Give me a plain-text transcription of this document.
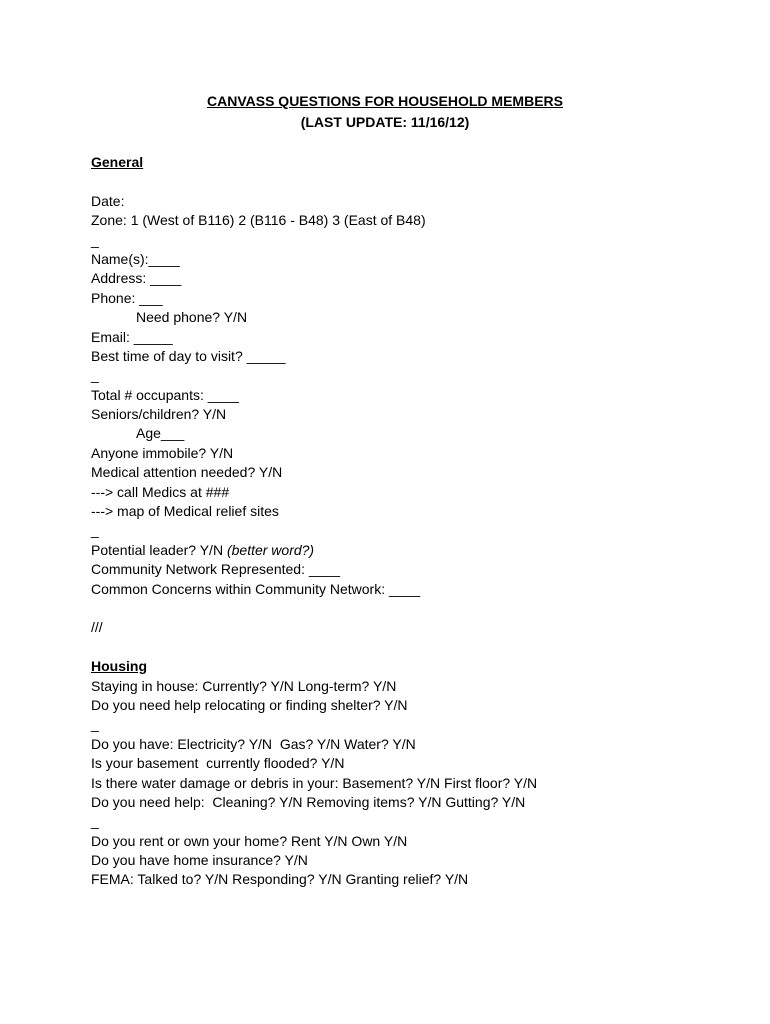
CANVASS QUESTIONS FOR HOUSEHOLD MEMBERS
(LAST UPDATE: 11/16/12)
General
Date:
Zone: 1 (West of B116) 2 (B116 - B48) 3 (East of B48)
_
Name(s):____
Address: ____
Phone: ___
Need phone? Y/N
Email: _____
Best time of day to visit? _____
_
Total # occupants: ____
Seniors/children? Y/N
Age___
Anyone immobile? Y/N
Medical attention needed? Y/N
---> call Medics at ###
---> map of Medical relief sites
_
Potential leader? Y/N (better word?)
Community Network Represented: ____
Common Concerns within Community Network: ____
///
Housing
Staying in house: Currently? Y/N Long-term? Y/N
Do you need help relocating or finding shelter? Y/N
_
Do you have: Electricity? Y/N  Gas? Y/N Water? Y/N
Is your basement  currently flooded? Y/N
Is there water damage or debris in your: Basement? Y/N First floor? Y/N
Do you need help:  Cleaning? Y/N Removing items? Y/N Gutting? Y/N
_
Do you rent or own your home? Rent Y/N Own Y/N
Do you have home insurance? Y/N
FEMA: Talked to? Y/N Responding? Y/N Granting relief? Y/N
